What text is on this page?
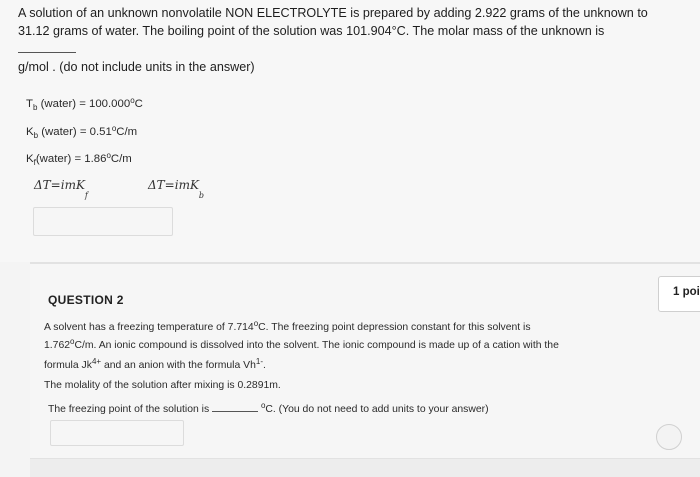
A solution of an unknown nonvolatile NON ELECTROLYTE is prepared by adding 2.922 grams of the unknown to
31.12 grams of water. The boiling point of the solution was 101.904°C. The molar mass of the unknown is
g/mol . (do not include units in the answer)
$T_b$ (water) = $100.000^oC$
$K_b$ (water) = $0.51^oC/m$
$K_f(water) = 1.86^oC/m$
ΔT=imK$_f$
ΔT=imK$_b$
QUESTION 2
1 poi
A solvent has a freezing temperature of 7.714$^o$C. The freezing point depression constant for this solvent is
1.762$^o$C/m. An ionic compound is dissolved into the solvent. The ionic compound is made up of a cation with the
formula $Jk^{4+}$ and an anion with the formula $Vh^{1-}$.
The molality of the solution after mixing is 0.2891m.
The freezing point of the solution is	$^o$C. (You do not need to add units to your answer)
